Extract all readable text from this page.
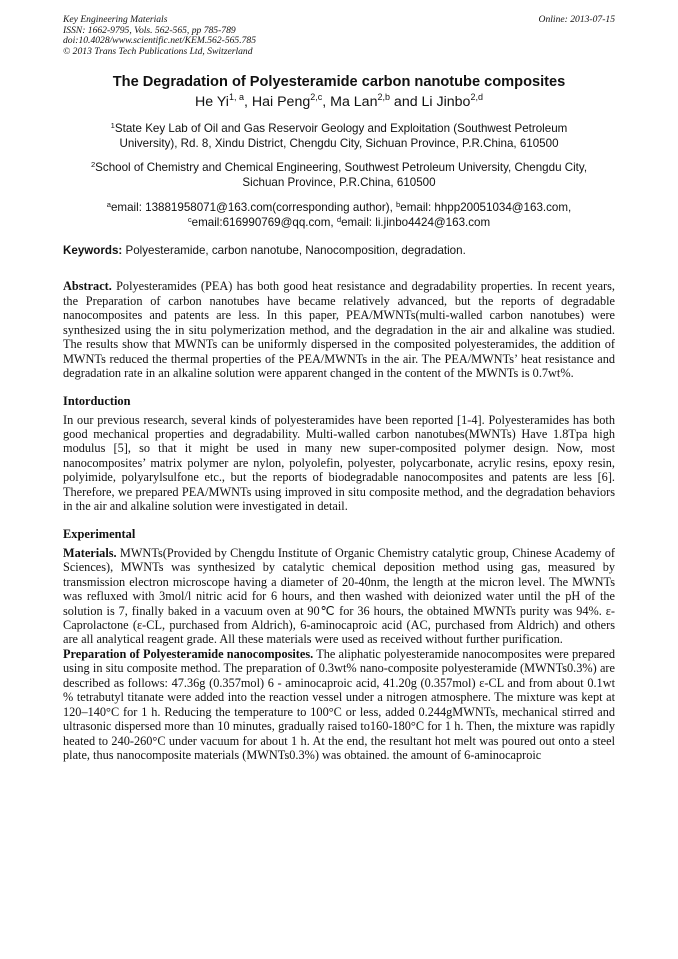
Key Engineering Materials
ISSN: 1662-9795, Vols. 562-565, pp 785-789
doi:10.4028/www.scientific.net/KEM.562-565.785
© 2013 Trans Tech Publications Ltd, Switzerland
Online: 2013-07-15
The Degradation of Polyesteramide carbon nanotube composites
He Yi$^{1, a}$, Hai Peng$^{2,c}$, Ma Lan$^{2,b}$ and Li Jinbo$^{2,d}$
$^1$State Key Lab of Oil and Gas Reservoir Geology and Exploitation (Southwest Petroleum
University), Rd. 8, Xindu District, Chengdu City, Sichuan Province, P.R.China, 610500
$^2$School of Chemistry and Chemical Engineering, Southwest Petroleum University, Chengdu City,
Sichuan Province, P.R.China, 610500
$^a$email: 13881958071@163.com(corresponding author), $^b$email: hhpp20051034@163.com,
$^c$email:616990769@qq.com, $^d$email: li.jinbo4424@163.com
Keywords: Polyesteramide, carbon nanotube, Nanocomposition, degradation.

Abstract. Polyesteramides (PEA) has both good heat resistance and degradability properties. In recent years, the Preparation of carbon nanotubes have became relatively advanced, but the reports of degradable nanocomposites and patents are less. In this paper, PEA/MWNTs(multi-walled carbon nanotubes) were synthesized using the in situ polymerization method, and the degradation in the air and alkaline was studied. The results show that MWNTs can be uniformly dispersed in the composited polyesteramides, the addition of MWNTs reduced the thermal properties of the PEA/MWNTs in the air. The PEA/MWNTs’ heat resistance and degradation rate in an alkaline solution were apparent changed in the content of the MWNTs is 0.7wt%.

Intorduction

In our previous research, several kinds of polyesteramides have been reported [1-4]. Polyesteramides has both good mechanical properties and degradability. Multi-walled carbon nanotubes(MWNTs) Have 1.8Tpa high modulus [5], so that it might be used in many new super-composited polymer design. Now, most nanocomposites’ matrix polymer are nylon, polyolefin, polyester, polycarbonate, acrylic resins, epoxy resin, polyimide, polyarylsulfone etc., but the reports of biodegradable nanocomposites and patents are less [6]. Therefore, we prepared PEA/MWNTs using improved in situ composite method, and the degradation behaviors in the air and alkaline solution were investigated in detail.

Experimental

Materials. MWNTs(Provided by Chengdu Institute of Organic Chemistry catalytic group, Chinese Academy of Sciences), MWNTs was synthesized by catalytic chemical deposition method using gas, measured by transmission electron microscope having a diameter of 20-40nm, the length at the micron level. The MWNTs was refluxed with 3mol/l nitric acid for 6 hours, and then washed with deionized water until the pH of the solution is 7, finally baked in a vacuum oven at 90℃ for 36 hours, the obtained MWNTs purity was 94%. ε-Caprolactone (ε-CL, purchased from Aldrich), 6-aminocaproic acid (AC, purchased from Aldrich) and others are all analytical reagent grade. All these materials were used as received without further purification.

Preparation of Polyesteramide nanocomposites. The aliphatic polyesteramide nanocomposites were prepared using in situ composite method. The preparation of 0.3wt% nano-composite polyesteramide (MWNTs0.3%) are described as follows: 47.36g (0.357mol) 6 - aminocaproic acid, 41.20g (0.357mol) ε-CL and from about 0.1wt % tetrabutyl titanate were added into the reaction vessel under a nitrogen atmosphere. The mixture was kept at 120–140°C for 1 h. Reducing the temperature to 100°C or less, added 0.244gMWNTs, mechanical stirred and ultrasonic dispersed more than 10 minutes, gradually raised to160-180°C for 1 h. Then, the mixture was rapidly heated to 240-260°C under vacuum for about 1 h. At the end, the resultant hot melt was poured out onto a steel plate, thus nanocomposite materials (MWNTs0.3%) was obtained. the amount of 6-aminocaproic
